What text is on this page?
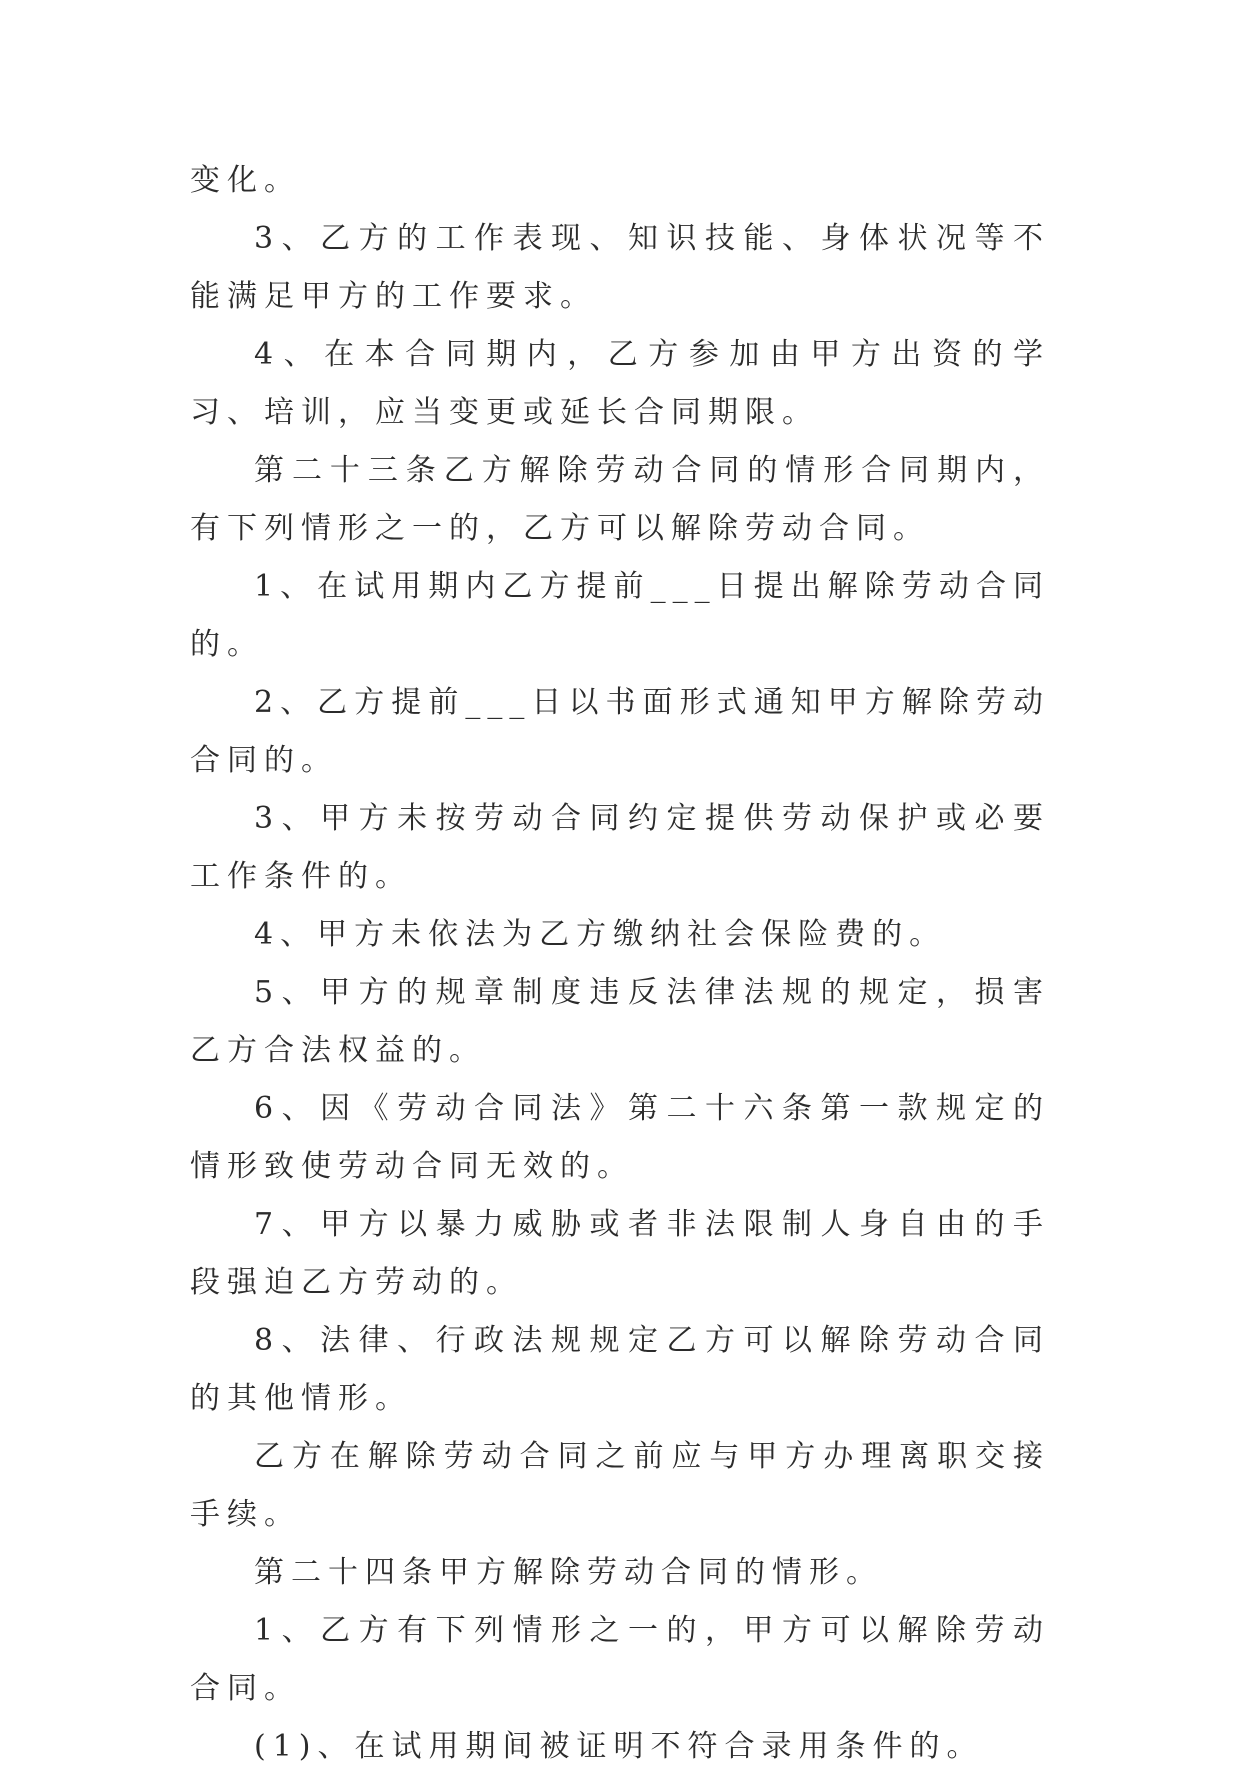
变化。

3、乙方的工作表现、知识技能、身体状况等不能满足甲方的工作要求。

4、在本合同期内，乙方参加由甲方出资的学习、培训，应当变更或延长合同期限。

第二十三条乙方解除劳动合同的情形合同期内，有下列情形之一的，乙方可以解除劳动合同。

1、在试用期内乙方提前___日提出解除劳动合同的。

2、乙方提前___日以书面形式通知甲方解除劳动合同的。

3、甲方未按劳动合同约定提供劳动保护或必要工作条件的。

4、甲方未依法为乙方缴纳社会保险费的。

5、甲方的规章制度违反法律法规的规定，损害乙方合法权益的。

6、因《劳动合同法》第二十六条第一款规定的情形致使劳动合同无效的。

7、甲方以暴力威胁或者非法限制人身自由的手段强迫乙方劳动的。

8、法律、行政法规规定乙方可以解除劳动合同的其他情形。

乙方在解除劳动合同之前应与甲方办理离职交接手续。

第二十四条甲方解除劳动合同的情形。

1、乙方有下列情形之一的，甲方可以解除劳动合同。

(1)、在试用期间被证明不符合录用条件的。
